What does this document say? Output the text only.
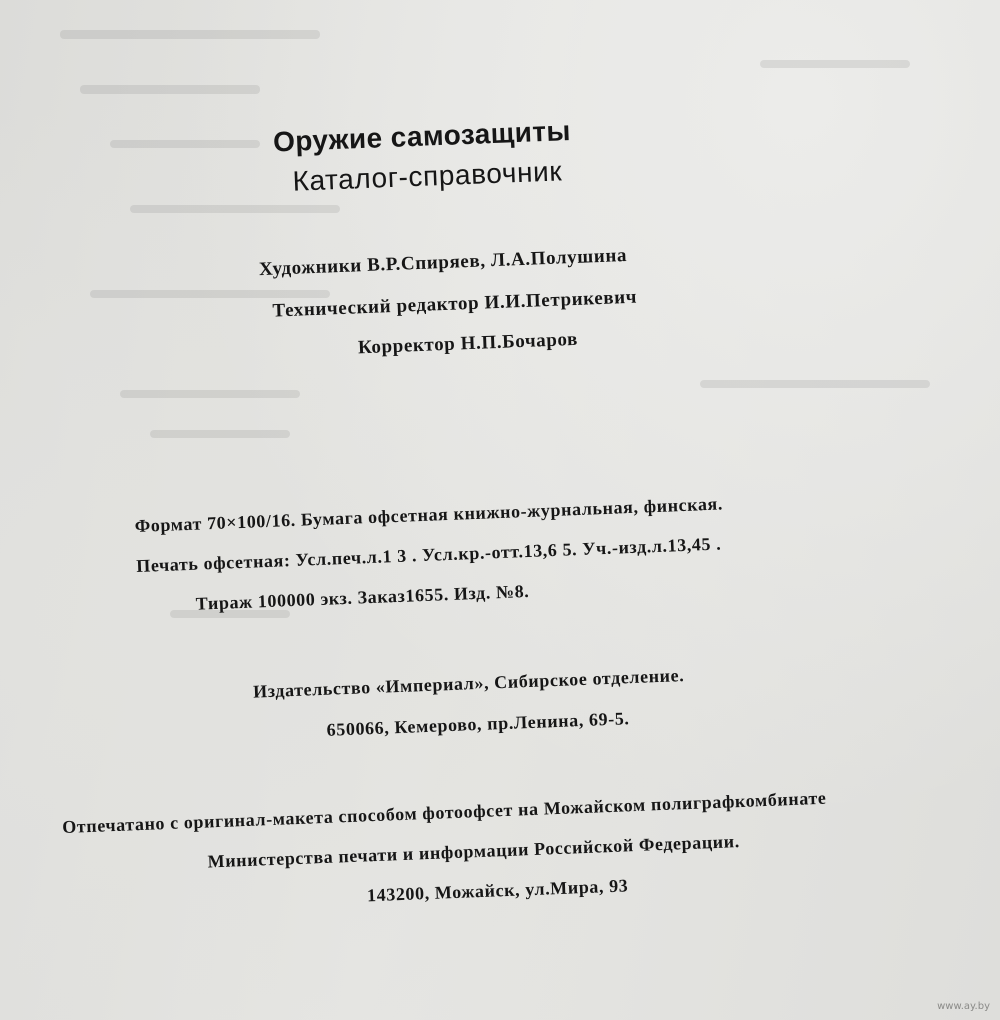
Оружие самозащиты
Каталог-справочник
Художники В.Р.Спиряев, Л.А.Полушина
Технический редактор И.И.Петрикевич
Корректор Н.П.Бочаров
Формат 70×100/16. Бумага офсетная книжно-журнальная, финская.
Печать офсетная: Усл.печ.л.1 3 . Усл.кр.-отт.13,6 5. Уч.-изд.л.13,45 .
Тираж 100000 экз. Заказ1655. Изд. №8.
Издательство «Империал», Сибирское отделение.
650066, Кемерово, пр.Ленина, 69-5.
Отпечатано с оригинал-макета способом фотоофсет на Можайском полиграфкомбинате
Министерства печати и информации Российской Федерации.
143200, Можайск, ул.Мира, 93
www.ay.by
